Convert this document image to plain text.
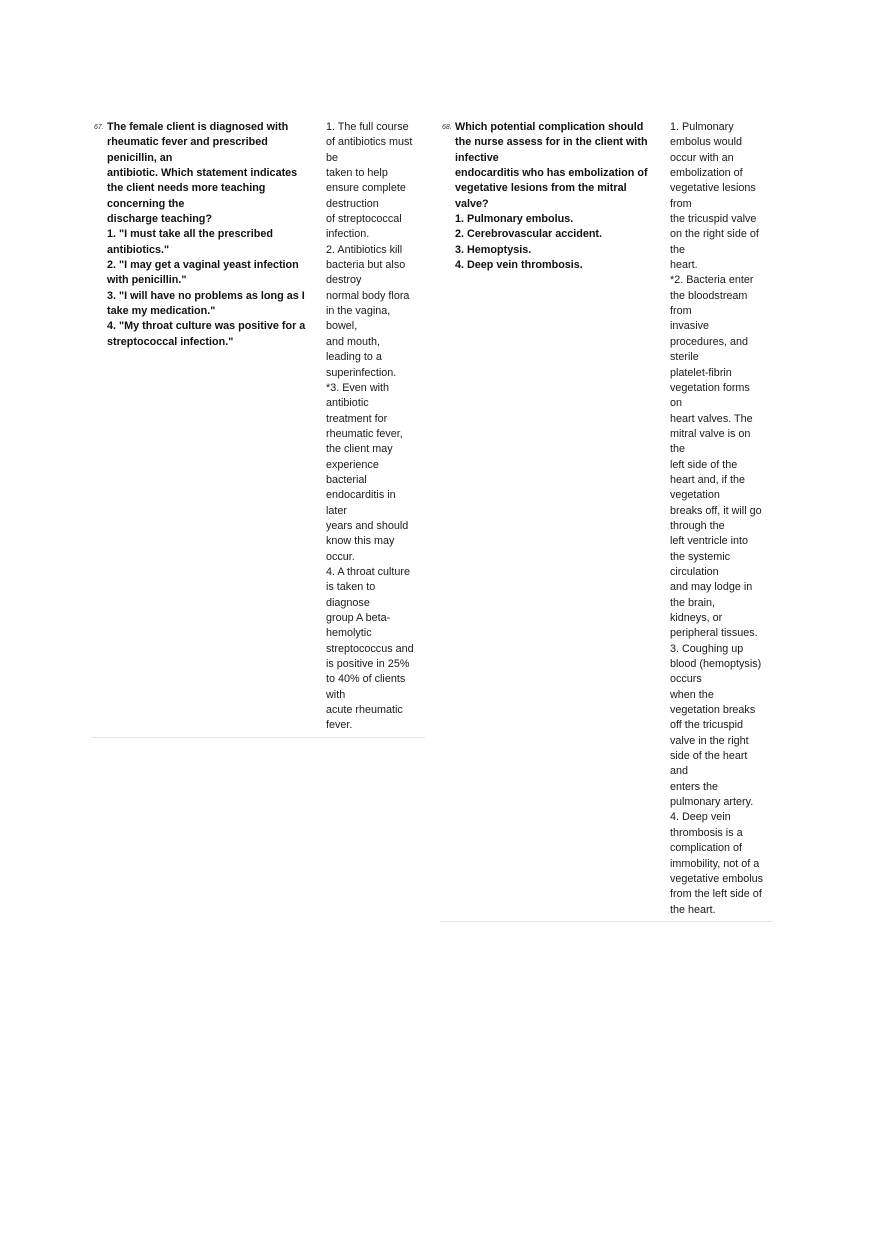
67. The female client is diagnosed with
rheumatic fever and prescribed
penicillin, an
antibiotic. Which statement indicates
the client needs more teaching
concerning the
discharge teaching?
1. "I must take all the prescribed
antibiotics."
2. "I may get a vaginal yeast infection
with penicillin."
3. "I will have no problems as long as I
take my medication."
4. "My throat culture was positive for a
streptococcal infection."
1. The full course
of antibiotics must
be
taken to help
ensure complete
destruction
of streptococcal
infection.
2. Antibiotics kill
bacteria but also
destroy
normal body flora
in the vagina,
bowel,
and mouth,
leading to a
superinfection.
*3. Even with
antibiotic
treatment for
rheumatic fever,
the client may
experience
bacterial
endocarditis in
later
years and should
know this may
occur.
4. A throat culture
is taken to
diagnose
group A beta-
hemolytic
streptococcus and
is positive in 25%
to 40% of clients
with
acute rheumatic
fever.
68. Which potential complication should
the nurse assess for in the client with
infective
endocarditis who has embolization of
vegetative lesions from the mitral
valve?
1. Pulmonary embolus.
2. Cerebrovascular accident.
3. Hemoptysis.
4. Deep vein thrombosis.
1. Pulmonary
embolus would
occur with an
embolization of
vegetative lesions
from
the tricuspid valve
on the right side of
the
heart.
*2. Bacteria enter
the bloodstream
from
invasive
procedures, and
sterile
platelet-fibrin
vegetation forms
on
heart valves. The
mitral valve is on
the
left side of the
heart and, if the
vegetation
breaks off, it will go
through the
left ventricle into
the systemic
circulation
and may lodge in
the brain,
kidneys, or
peripheral tissues.
3. Coughing up
blood (hemoptysis)
occurs
when the
vegetation breaks
off the tricuspid
valve in the right
side of the heart
and
enters the
pulmonary artery.
4. Deep vein
thrombosis is a
complication of
immobility, not of a
vegetative embolus
from the left side of
the heart.
